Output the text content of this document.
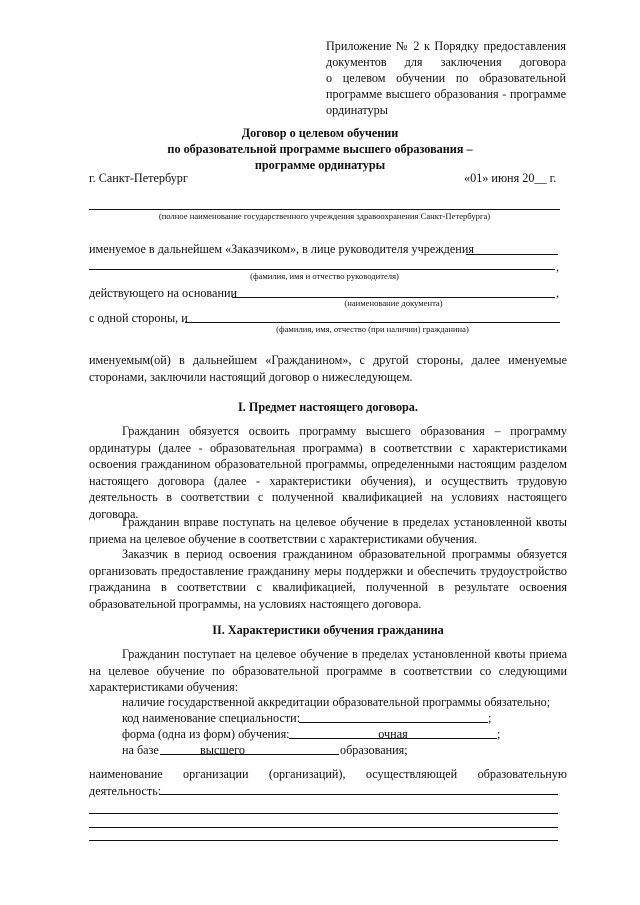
Приложение № 2 к Порядку предоставления
документов для заключения договора
о целевом обучении по образовательной
программе высшего образования - программе
ординатуры
Договор о целевом обучении
по образовательной программе высшего образования –
программе ординатуры
г. Санкт-Петербург	«01» июня 20__ г.
(полное наименование государственного учреждения здравоохранения Санкт-Петербурга)
именуемое в дальнейшем «Заказчиком», в лице руководителя учреждения
,
(фамилия, имя и отчество руководителя)
действующего на основании	,
(наименование документа)
с одной стороны, и
(фамилия, имя, отчество (при наличии) гражданина)
именуемым(ой) в дальнейшем «Гражданином», с другой стороны, далее именуемые сторонами, заключили настоящий договор о нижеследующем.
I. Предмет настоящего договора.
Гражданин обязуется освоить программу высшего образования – программу ординатуры (далее - образовательная программа) в соответствии с характеристиками освоения гражданином образовательной программы, определенными настоящим разделом настоящего договора (далее - характеристики обучения), и осуществить трудовую деятельность в соответствии с полученной квалификацией на условиях настоящего договора.
Гражданин вправе поступать на целевое обучение в пределах установленной квоты приема на целевое обучение в соответствии с характеристиками обучения.
Заказчик в период освоения гражданином образовательной программы обязуется организовать предоставление гражданину меры поддержки и обеспечить трудоустройство гражданина в соответствии с квалификацией, полученной в результате освоения образовательной программы, на условиях настоящего договора.
II. Характеристики обучения гражданина
Гражданин поступает на целевое обучение в пределах установленной квоты приема на целевое обучение по образовательной программе в соответствии со следующими характеристиками обучения:
наличие государственной аккредитации образовательной программы обязательно;
код наименование специальности:	;
форма (одна из форм) обучения:	очная	;
на базе	высшего	образования;
наименование организации (организаций), осуществляющей образовательную деятельность:
